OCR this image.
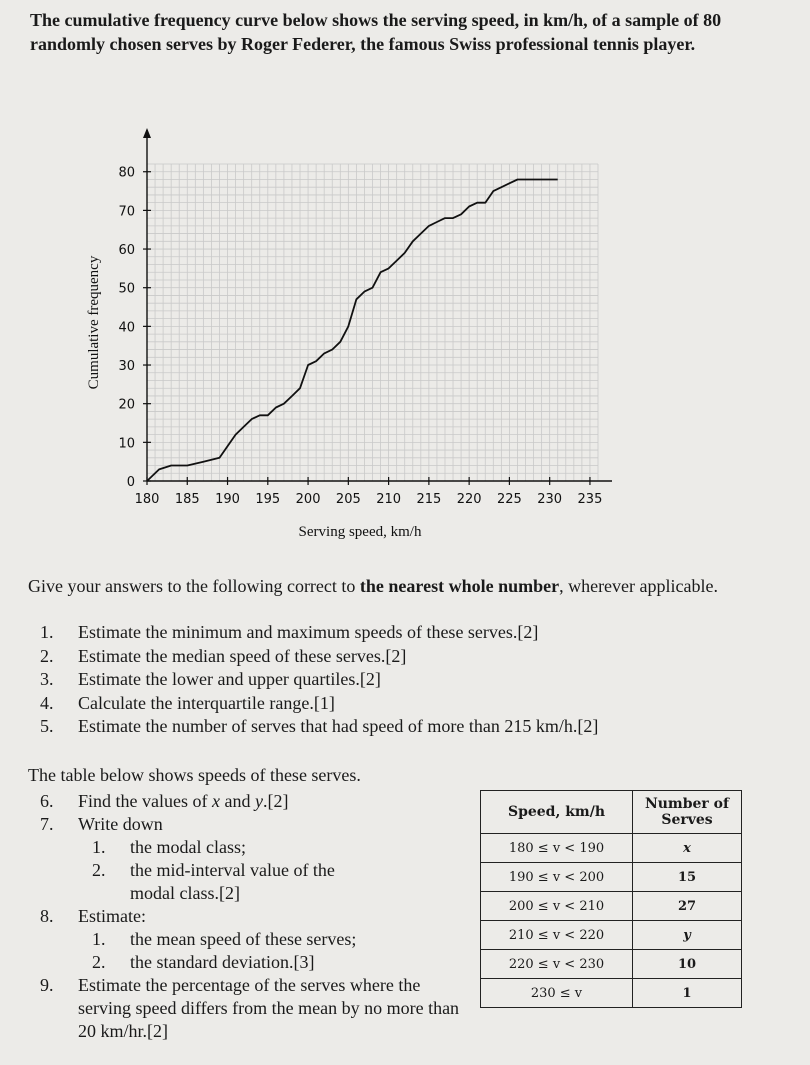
The cumulative frequency curve below shows the serving speed, in km/h, of a sample of 80 randomly chosen serves by Roger Federer, the famous Swiss professional tennis player.

180 185 190 195 200 205 210 215 220 225 230 235
0
10
20
30
40
50
60
70
80
Serving speed, km/h
Cumulative frequency

Give your answers to the following correct to the nearest whole number, wherever applicable.

1. Estimate the minimum and maximum speeds of these serves.[2]
2. Estimate the median speed of these serves.[2]
3. Estimate the lower and upper quartiles.[2]
4. Calculate the interquartile range.[1]
5. Estimate the number of serves that had speed of more than 215 km/h.[2]

The table below shows speeds of these serves.

6.	Find the values of x and y.[2]
7.	Write down
1.	the modal class;
2.	the mid-interval value of the modal class.[2]
8.	Estimate:
1.	the mean speed of these serves;
2.	the standard deviation.[3]
9.	Estimate the percentage of the serves where the serving speed differs from the mean by no more than 20 km/hr.[2]
Speed, km/h	Number of
Serves
180 ≤ v < 190	x
190 ≤ v < 200	15
200 ≤ v < 210	27
210 ≤ v < 220	y
220 ≤ v < 230	10
230 ≤ v	1
